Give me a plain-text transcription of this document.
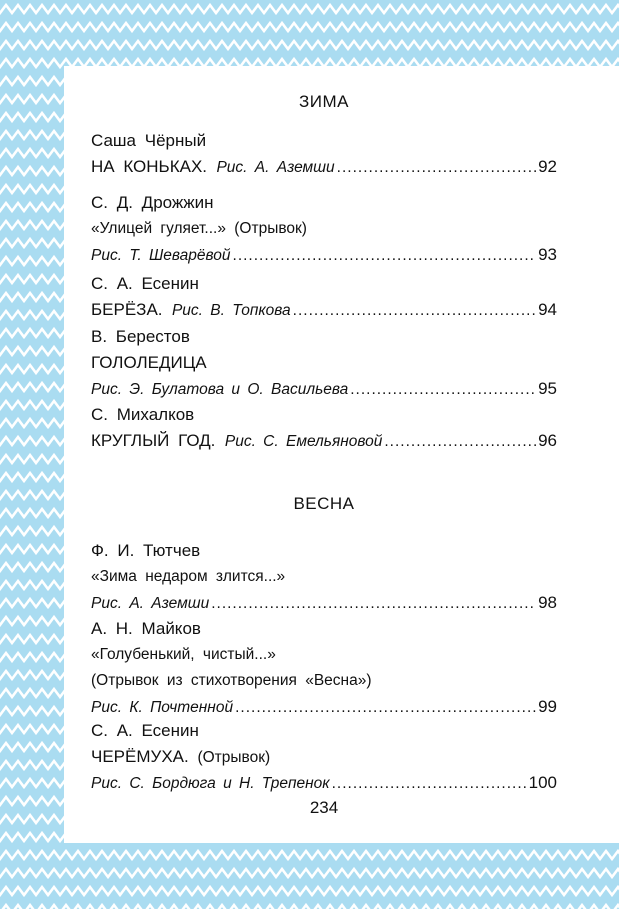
ЗИМА
Саша Чёрный
НА КОНЬКАХ.
Рис. А. Аземши .....	92
С. Д. Дрожжин
«Улицей гуляет...» (Отрывок)
Рис. Т. Шеварёвой .....	93
С. А. Есенин
БЕРЁЗА.
Рис. В. Топкова .....	94
В. Берестов
ГОЛОЛЕДИЦА
Рис. Э. Булатова и О. Васильева .....	95
С. Михалков
КРУГЛЫЙ ГОД.
Рис. С. Емельяновой .....	96
ВЕСНА
Ф. И. Тютчев
«Зима недаром злится...»
Рис. А. Аземши .....	98
А. Н. Майков
«Голубенький, чистый...»
(Отрывок из стихотворения «Весна»)
Рис. К. Почтенной .....	99
С. А. Есенин
ЧЕРЁМУХА. (Отрывок)
Рис. С. Бордюга и Н. Трепенок .....	100
234
